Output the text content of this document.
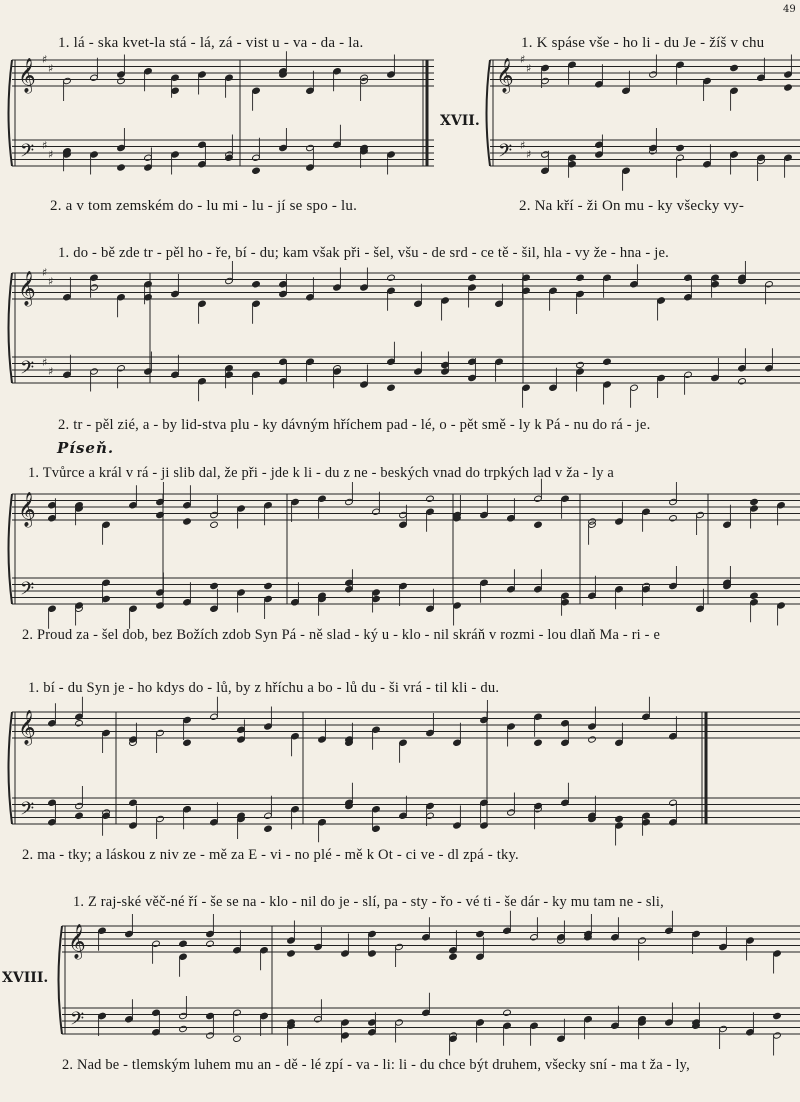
49
𝄞
𝄢
♯
♯
♯
♯
𝄞
𝄢
♯
♯
♯
♯
𝄞
𝄢
♯
♯
♯
♯
𝄞
𝄢
𝄞
𝄢
𝄞
𝄢
XVII.
XVIII.
Píseň.
1. lá - ska kvet-la stá - lá, zá - vist u - va - da - la.	1. K spáse vše - ho li - du Je - žíš v chu
2. a v tom zemském do - lu mi - lu - jí se spo - lu.	2. Na kří - ži On mu - ky všecky vy-
1. do - bě zde tr - pěl ho - ře, bí - du; kam však při - šel, všu - de srd - ce tě - šil, hla - vy že - hna - je.
2. tr - pěl zié, a - by lid-stva plu - ky dávným hříchem pad - lé, o - pět smě - ly k Pá - nu do rá - je.
1. Tvůrce a král v rá - ji slib dal, že při - jde k li - du z ne - beských vnad do trpkých lad v ža - ly a
2. Proud za - šel dob, bez Božích zdob Syn Pá - ně slad - ký u - klo - nil skráň v rozmi - lou dlaň Ma - ri - e
1. bí - du Syn je - ho kdys do - lů, by z hříchu a bo - lů du - ši vrá - til kli - du.
2. ma - tky; a láskou z niv ze - mě za E - vi - no plé - mě k Ot - ci ve - dl zpá - tky.
1. Z raj-ské věč-né ří - še se na - klo - nil do je - slí, pa - sty - řo - vé ti - še dár - ky mu tam ne - sli,
2. Nad be - tlemským luhem mu an - dě - lé zpí - va - li: li - du chce být druhem, všecky sní - ma t ža - ly,
